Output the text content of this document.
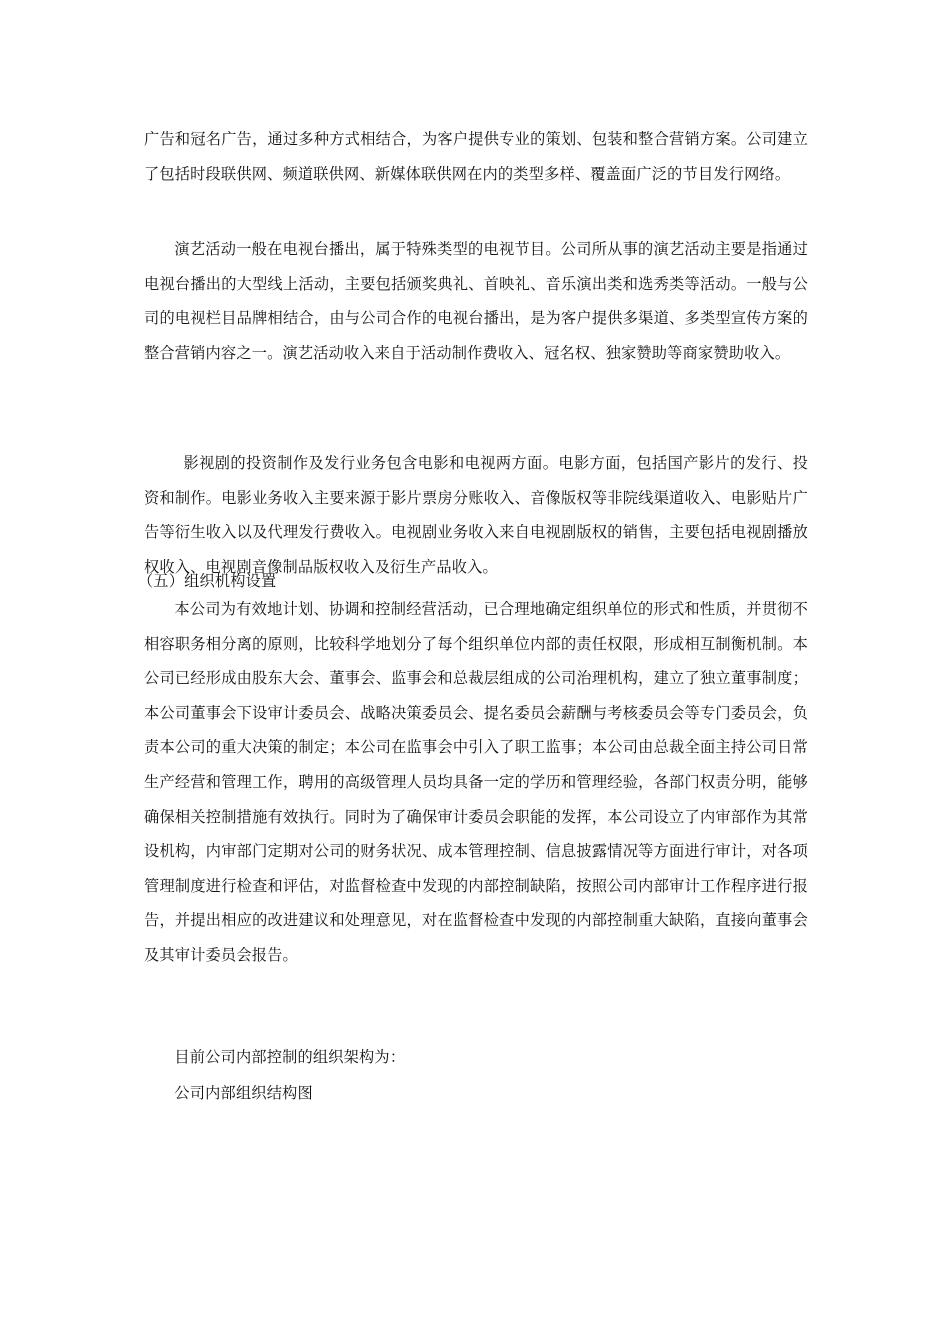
广告和冠名广告，通过多种方式相结合，为客户提供专业的策划、包装和整合营销方案。公司建立了包括时段联供网、频道联供网、新媒体联供网在内的类型多样、覆盖面广泛的节目发行网络。

演艺活动一般在电视台播出，属于特殊类型的电视节目。公司所从事的演艺活动主要是指通过电视台播出的大型线上活动，主要包括颁奖典礼、首映礼、音乐演出类和选秀类等活动。一般与公司的电视栏目品牌相结合，由与公司合作的电视台播出，是为客户提供多渠道、多类型宣传方案的整合营销内容之一。演艺活动收入来自于活动制作费收入、冠名权、独家赞助等商家赞助收入。

影视剧的投资制作及发行业务包含电影和电视两方面。电影方面，包括国产影片的发行、投资和制作。电影业务收入主要来源于影片票房分账收入、音像版权等非院线渠道收入、电影贴片广告等衍生收入以及代理发行费收入。电视剧业务收入来自电视剧版权的销售，主要包括电视剧播放权收入、电视剧音像制品版权收入及衍生产品收入。

（五）组织机构设置

本公司为有效地计划、协调和控制经营活动，已合理地确定组织单位的形式和性质，并贯彻不相容职务相分离的原则，比较科学地划分了每个组织单位内部的责任权限，形成相互制衡机制。本公司已经形成由股东大会、董事会、监事会和总裁层组成的公司治理机构，建立了独立董事制度；本公司董事会下设审计委员会、战略决策委员会、提名委员会薪酬与考核委员会等专门委员会，负责本公司的重大决策的制定；本公司在监事会中引入了职工监事；本公司由总裁全面主持公司日常生产经营和管理工作，聘用的高级管理人员均具备一定的学历和管理经验，各部门权责分明，能够确保相关控制措施有效执行。同时为了确保审计委员会职能的发挥，本公司设立了内审部作为其常设机构，内审部门定期对公司的财务状况、成本管理控制、信息披露情况等方面进行审计，对各项管理制度进行检查和评估，对监督检查中发现的内部控制缺陷，按照公司内部审计工作程序进行报告，并提出相应的改进建议和处理意见，对在监督检查中发现的内部控制重大缺陷，直接向董事会及其审计委员会报告。

目前公司内部控制的组织架构为：

公司内部组织结构图
